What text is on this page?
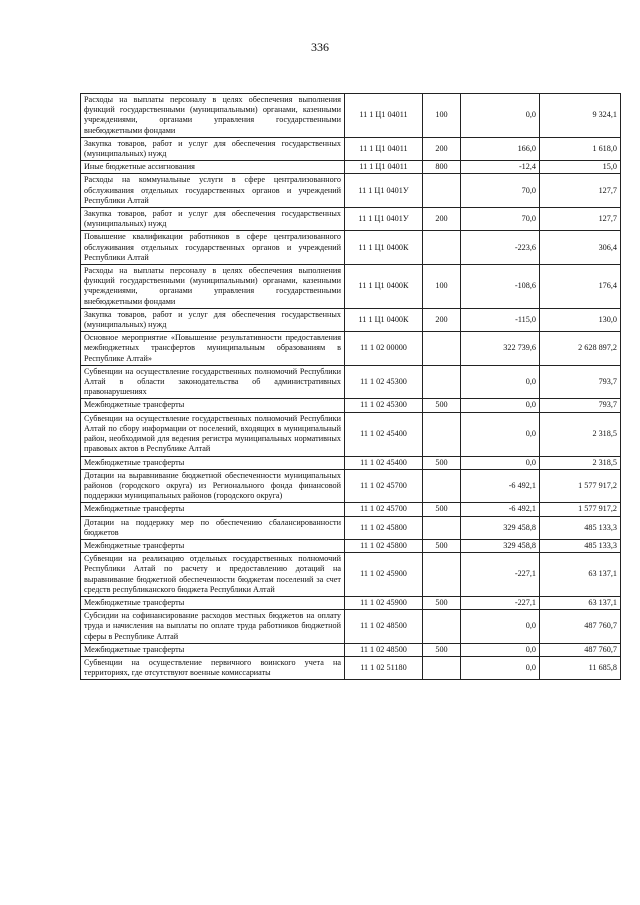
336
Расходы на выплаты персоналу в целях обеспечения выполнения функций государственными (муниципальными) органами, казенными учреждениями, органами управления государственными внебюджетными фондами	11 1 Ц1 04011	100	0,0	9 324,1
Закупка товаров, работ и услуг для обеспечения государственных (муниципальных) нужд	11 1 Ц1 04011	200	166,0	1 618,0
Иные бюджетные ассигнования	11 1 Ц1 04011	800	-12,4	15,0
Расходы на коммунальные услуги в сфере централизованного обслуживания отдельных государственных органов и учреждений Республики Алтай	11 1 Ц1 0401У		70,0	127,7
Закупка товаров, работ и услуг для обеспечения государственных (муниципальных) нужд	11 1 Ц1 0401У	200	70,0	127,7
Повышение квалификации работников в сфере централизованного обслуживания отдельных государственных органов и учреждений Республики Алтай	11 1 Ц1 0400К		-223,6	306,4
Расходы на выплаты персоналу в целях обеспечения выполнения функций государственными (муниципальными) органами, казенными учреждениями, органами управления государственными внебюджетными фондами	11 1 Ц1 0400К	100	-108,6	176,4
Закупка товаров, работ и услуг для обеспечения государственных (муниципальных) нужд	11 1 Ц1 0400К	200	-115,0	130,0
Основное мероприятие «Повышение результативности предоставления межбюджетных трансфертов муниципальным образованиям в Республике Алтай»	11 1 02 00000		322 739,6	2 628 897,2
Субвенции на осуществление государственных полномочий Республики Алтай в области законодательства об административных правонарушениях	11 1 02 45300		0,0	793,7
Межбюджетные трансферты	11 1 02 45300	500	0,0	793,7
Субвенции на осуществление государственных полномочий Республики Алтай по сбору информации от поселений, входящих в муниципальный район, необходимой для ведения регистра муниципальных нормативных правовых актов в Республике Алтай	11 1 02 45400		0,0	2 318,5
Межбюджетные трансферты	11 1 02 45400	500	0,0	2 318,5
Дотации на выравнивание бюджетной обеспеченности муниципальных районов (городского округа) из Регионального фонда финансовой поддержки муниципальных районов (городского округа)	11 1 02 45700		-6 492,1	1 577 917,2
Межбюджетные трансферты	11 1 02 45700	500	-6 492,1	1 577 917,2
Дотации на поддержку мер по обеспечению сбалансированности бюджетов	11 1 02 45800		329 458,8	485 133,3
Межбюджетные трансферты	11 1 02 45800	500	329 458,8	485 133,3
Субвенции на реализацию отдельных государственных полномочий Республики Алтай по расчету и предоставлению дотаций на выравнивание бюджетной обеспеченности бюджетам поселений за счет средств республиканского бюджета Республики Алтай	11 1 02 45900		-227,1	63 137,1
Межбюджетные трансферты	11 1 02 45900	500	-227,1	63 137,1
Субсидии на софинансирование расходов местных бюджетов на оплату труда и начисления на выплаты по оплате труда работников бюджетной сферы в Республике Алтай	11 1 02 48500		0,0	487 760,7
Межбюджетные трансферты	11 1 02 48500	500	0,0	487 760,7
Субвенции на осуществление первичного воинского учета на территориях, где отсутствуют военные комиссариаты	11 1 02 51180		0,0	11 685,8
